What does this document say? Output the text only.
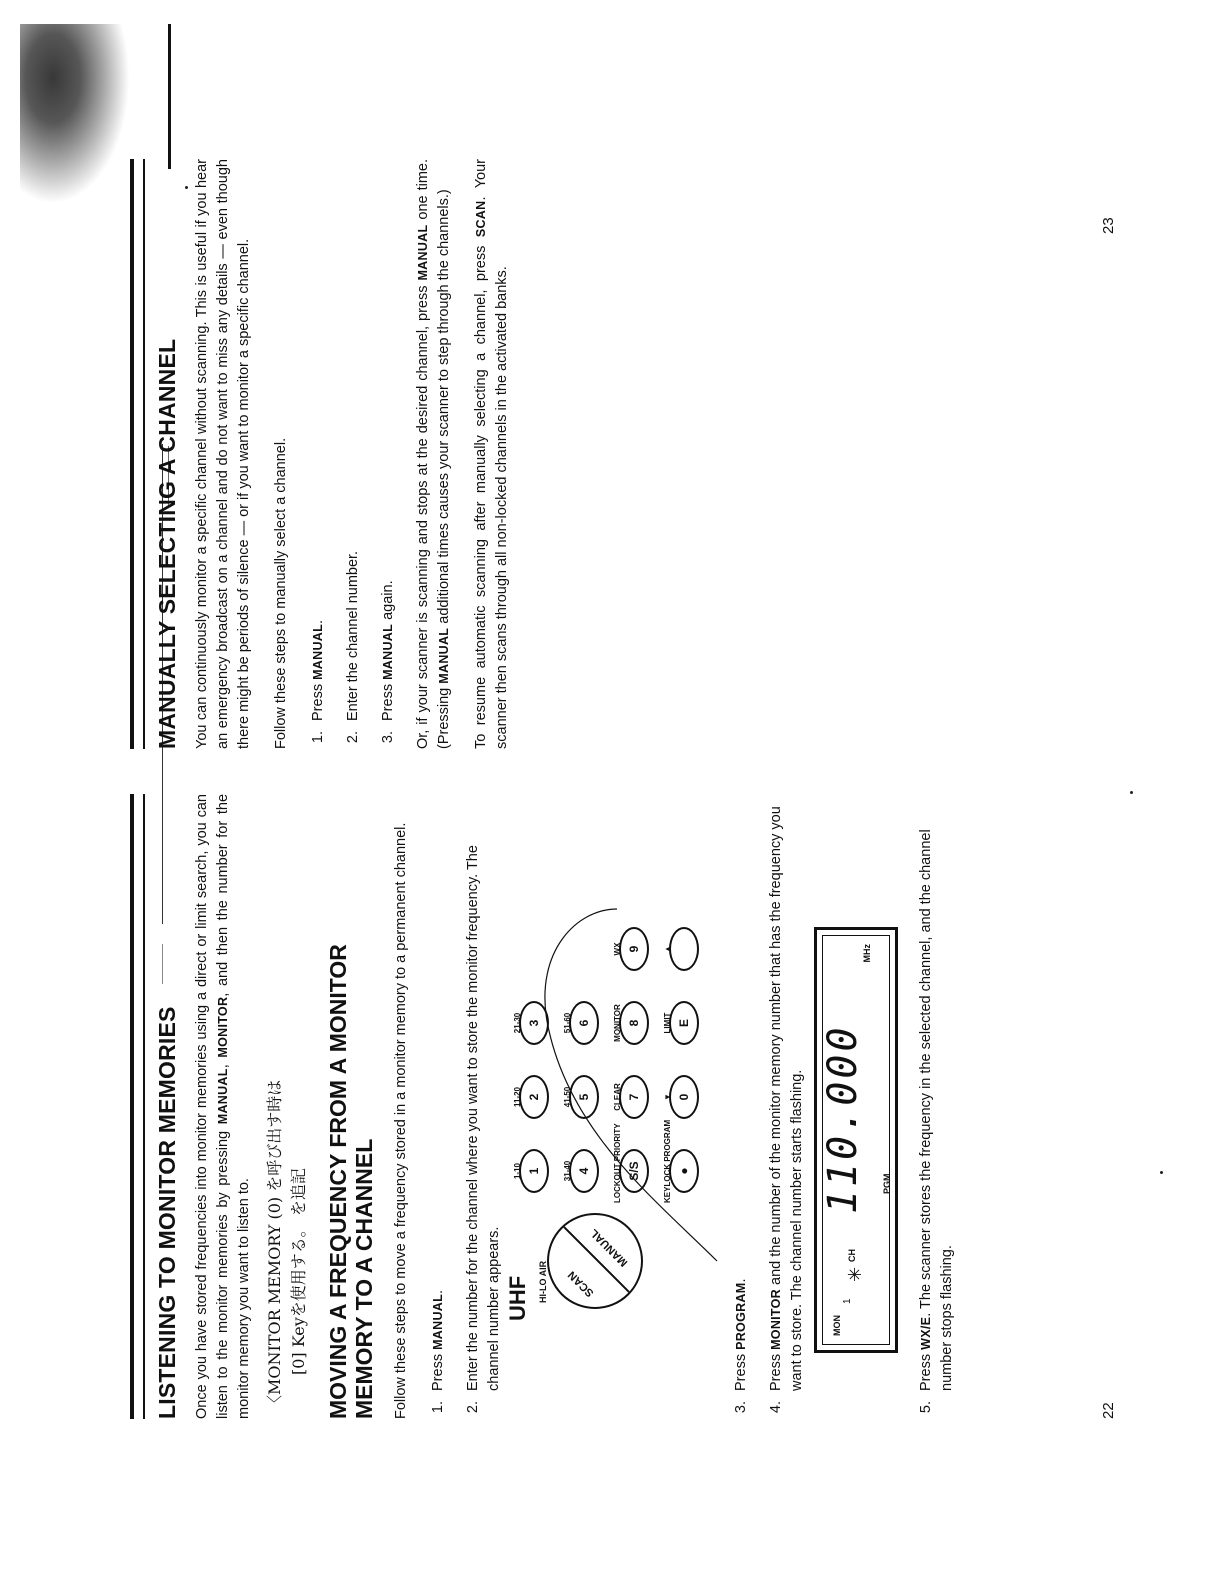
LISTENING TO MONITOR MEMORIES Once you have stored frequencies into monitor memories using a direct or limit search, you can listen to the monitor memories by pressing MANUAL, MONITOR, and then the number for the monitor memory you want to listen to. 〈MONITOR MEMORY (0) を呼び出す時は [0] Keyを使用する。 を追記 MOVING A FREQUENCY FROM A MONITOR
MEMORY TO A CHANNEL Follow these steps to move a frequency stored in a monitor memory to a permanent channel. 1. Press MANUAL. 2. Enter the number for the channel where you want to store the monitor frequency. The channel number appears. UHF HI-LO AIR	SCAN
MANUAL
1-10 1
11-20 2
21-30 3
31-40 4
41-50 5
51-60 6
LOCKOUT PRIORITY S/S
CLEAR 7
MONITOR 8
WX 9
KEYLOCK PROGRAM ●
▼ 0
LIMIT E
▲
3. Press PROGRAM.
4. Press MONITOR and the number of the monitor memory number that has the frequency you want to store. The channel number starts flashing.	MON
1
✳
CH
110.000
MHz
PGM
5. Press WX/E. The scanner stores the frequency in the selected channel, and the channel number stops flashing.
22
MANUALLY SELECTING A CHANNEL You can continuously monitor a specific channel without scanning. This is useful if you hear an emergency broadcast on a channel and do not want to miss any details — even though there might be periods of silence — or if you want to monitor a specific channel. Follow these steps to manually select a channel. 1. Press MANUAL. 2. Enter the channel number. 3. Press MANUAL again. Or, if your scanner is scanning and stops at the desired channel, press MANUAL one time. (Pressing MANUAL additional times causes your scanner to step through the channels.) To resume automatic scanning after manually selecting a channel, press SCAN. Your scanner then scans through all non-locked channels in the activated banks.

23
